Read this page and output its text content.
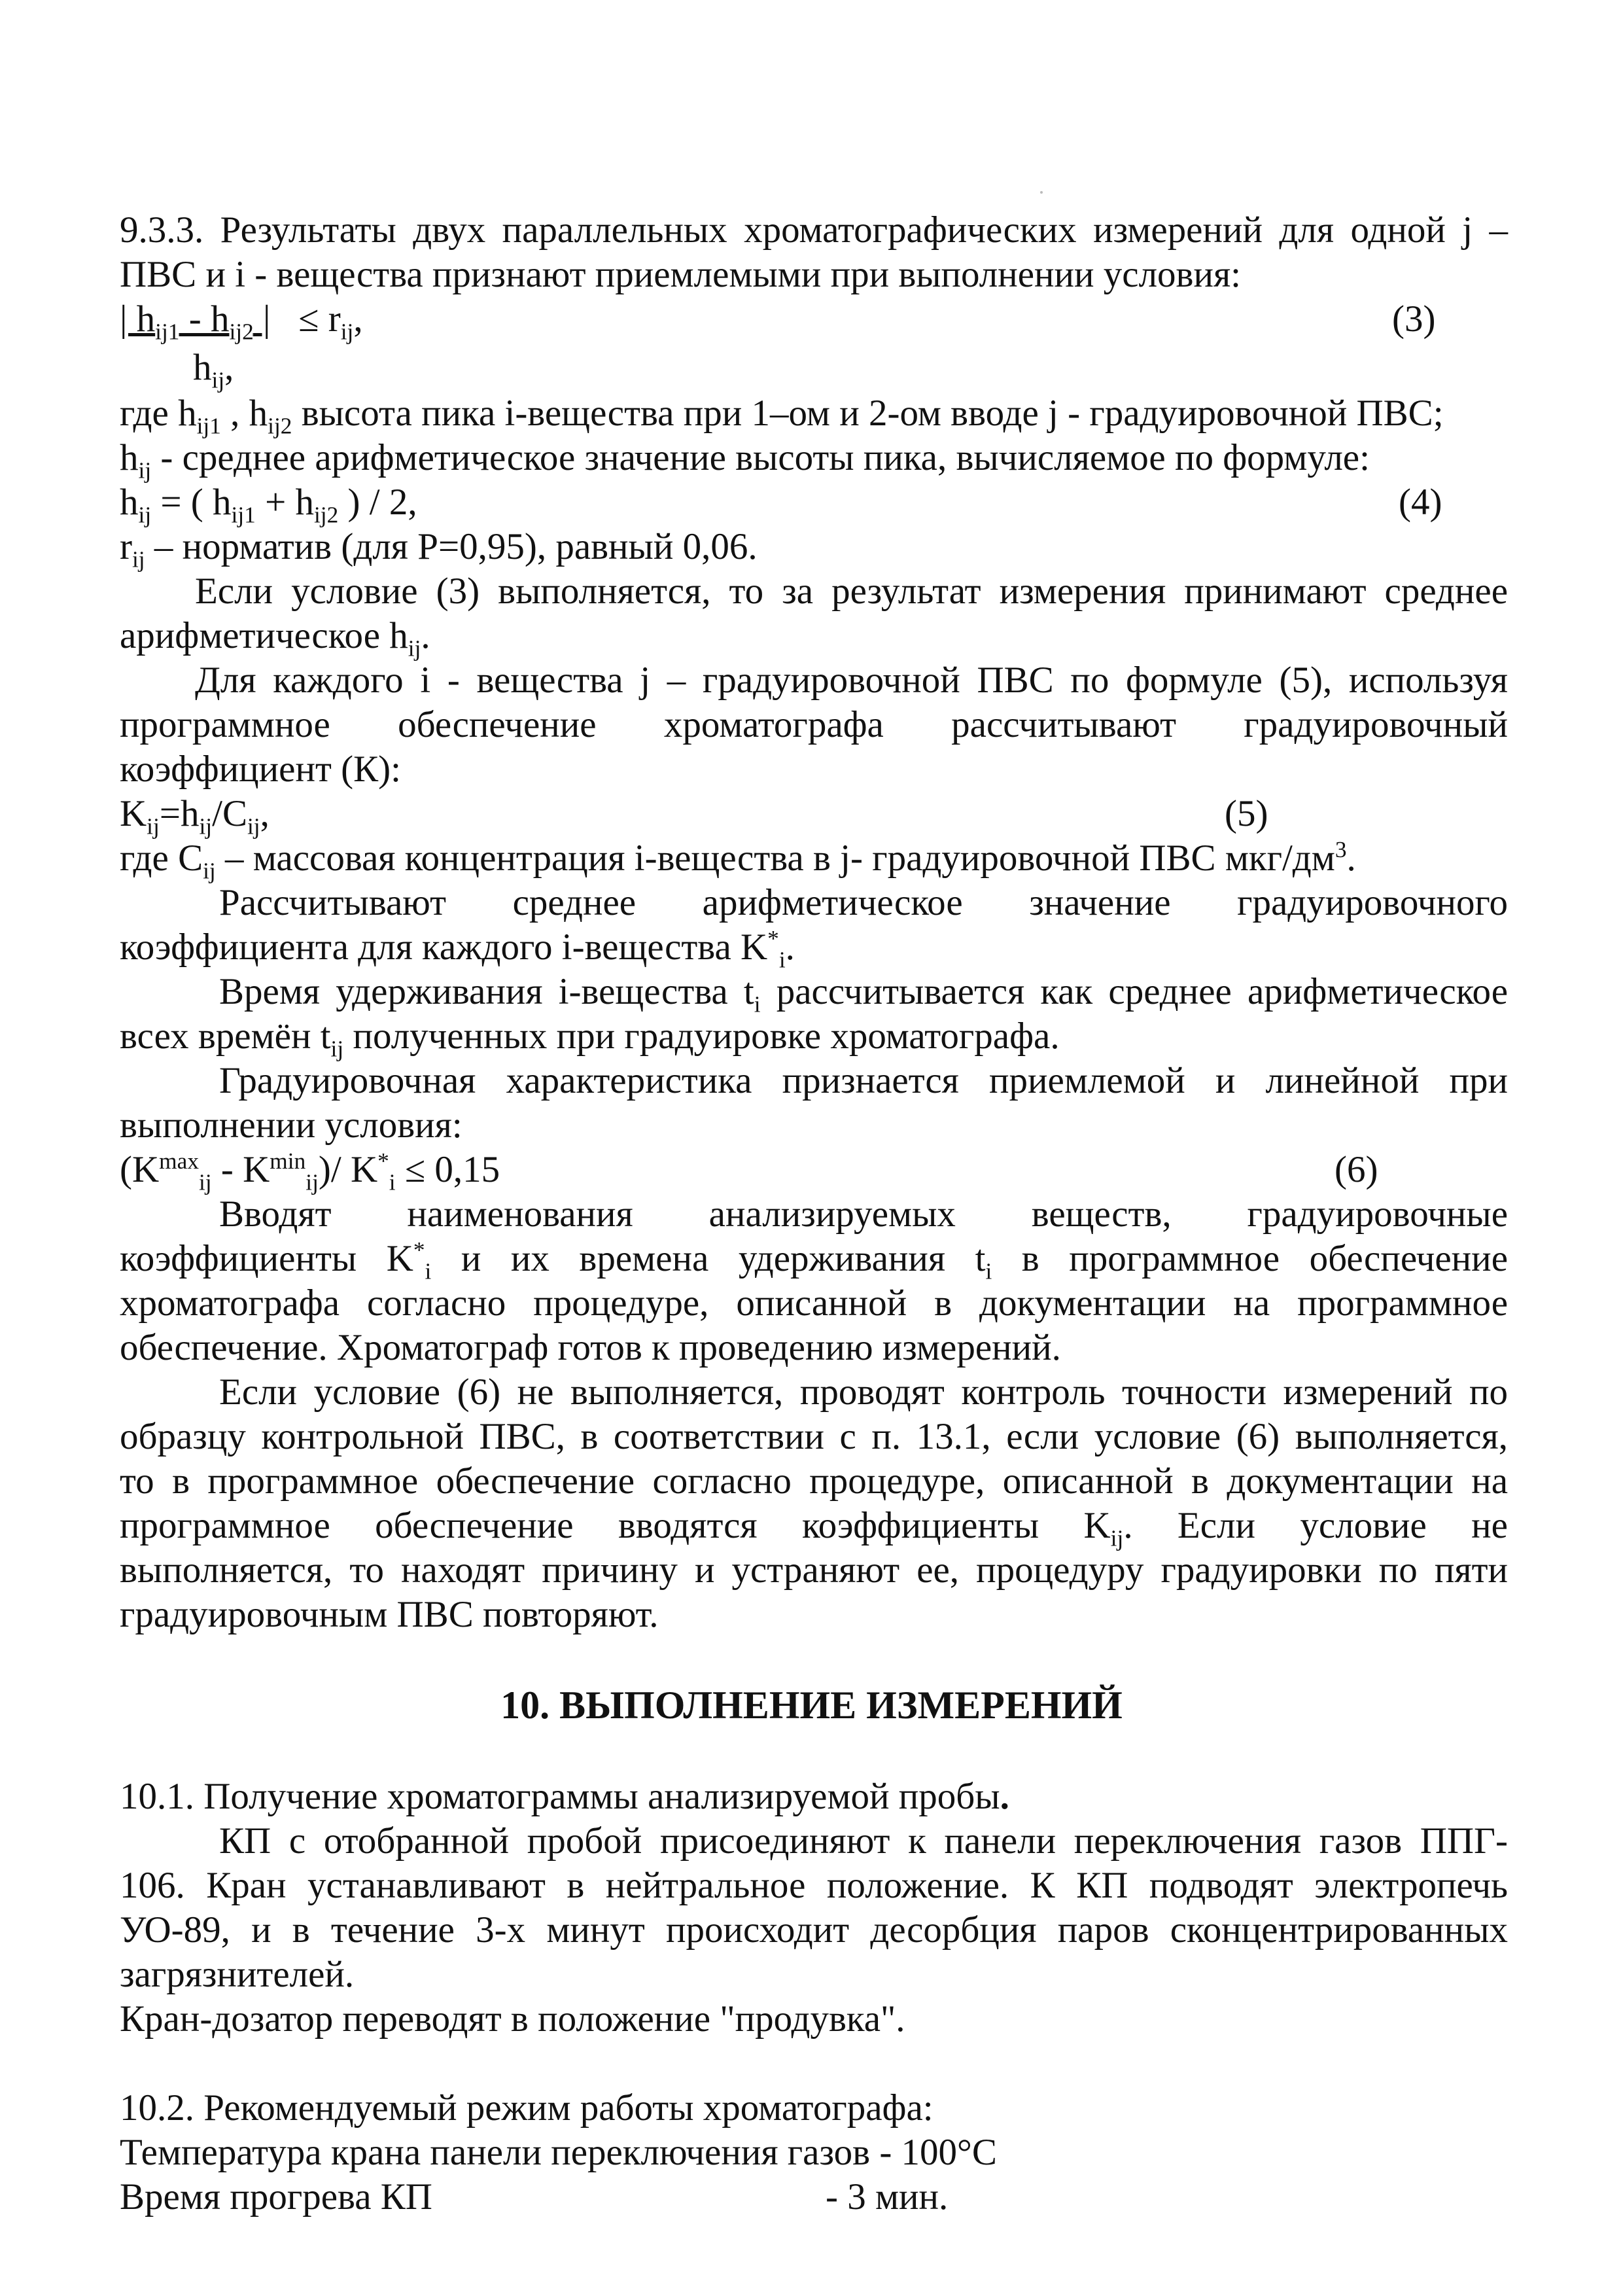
9.3.3. Результаты двух параллельных хроматографических измерений для одной j –
ПВС и i - вещества признают приемлемыми при выполнении условия:
| $h_{ij1} - h_{ij2}$ | ≤ $r_{ij}$,	(3)
$h_{ij}$,
где $h_{ij1}$ , $h_{ij2}$ высота пика i-вещества при 1–ом и 2-ом вводе j - градуировочной ПВС;
$h_{ij}$ - среднее арифметическое значение высоты пика, вычисляемое по формуле:
$h_{ij}$ = ( $h_{ij1} + h_{ij2}$ ) / 2,	(4)
$r_{ij}$ – норматив (для Р=0,95), равный 0,06.
Если условие (3) выполняется, то за результат измерения принимают среднее
арифметическое $h_{ij}$.
Для каждого i - вещества j – градуировочной ПВС по формуле (5), используя
программное обеспечение хроматографа рассчитывают градуировочный
коэффициент (К):
$K_{ij}=h_{ij}/C_{ij}$,	(5)
где $C_{ij}$ – массовая концентрация i-вещества в j- градуировочной ПВС мкг/$дм^3$.
Рассчитывают среднее арифметическое значение градуировочного
коэффициента для каждого i-вещества $K^*_i$.
Время удерживания i-вещества $t_i$ рассчитывается как среднее арифметическое
всех времён $t_{ij}$ полученных при градуировке хроматографа.
Градуировочная характеристика признается приемлемой и линейной при
выполнении условия:
$(K^{max}_{ij} - K^{min}_{ij})/$ $K^*_i \le 0,15$	(6)
Вводят наименования анализируемых веществ, градуировочные
коэффициенты $K^*_i$ и их времена удерживания $t_i$ в программное обеспечение
хроматографа согласно процедуре, описанной в документации на программное
обеспечение. Хроматограф готов к проведению измерений.
Если условие (6) не выполняется, проводят контроль точности измерений по
образцу контрольной ПВС, в соответствии с п. 13.1, если условие (6) выполняется,
то в программное обеспечение согласно процедуре, описанной в документации на
программное обеспечение вводятся коэффициенты $K_{ij}$. Если условие не
выполняется, то находят причину и устраняют ее, процедуру градуировки по пяти
градуировочным ПВС повторяют.
10. ВЫПОЛНЕНИЕ ИЗМЕРЕНИЙ
10.1. Получение хроматограммы анализируемой пробы.
КП с отобранной пробой присоединяют к панели переключения газов ППГ-
106. Кран устанавливают в нейтральное положение. К КП подводят электропечь
УО-89, и в течение 3-х минут происходит десорбция паров сконцентрированных
загрязнителей.
Кран-дозатор переводят в положение "продувка".
10.2. Рекомендуемый режим работы хроматографа:
Температура крана панели переключения газов - 100°С
Время прогрева КП	- 3 мин.
